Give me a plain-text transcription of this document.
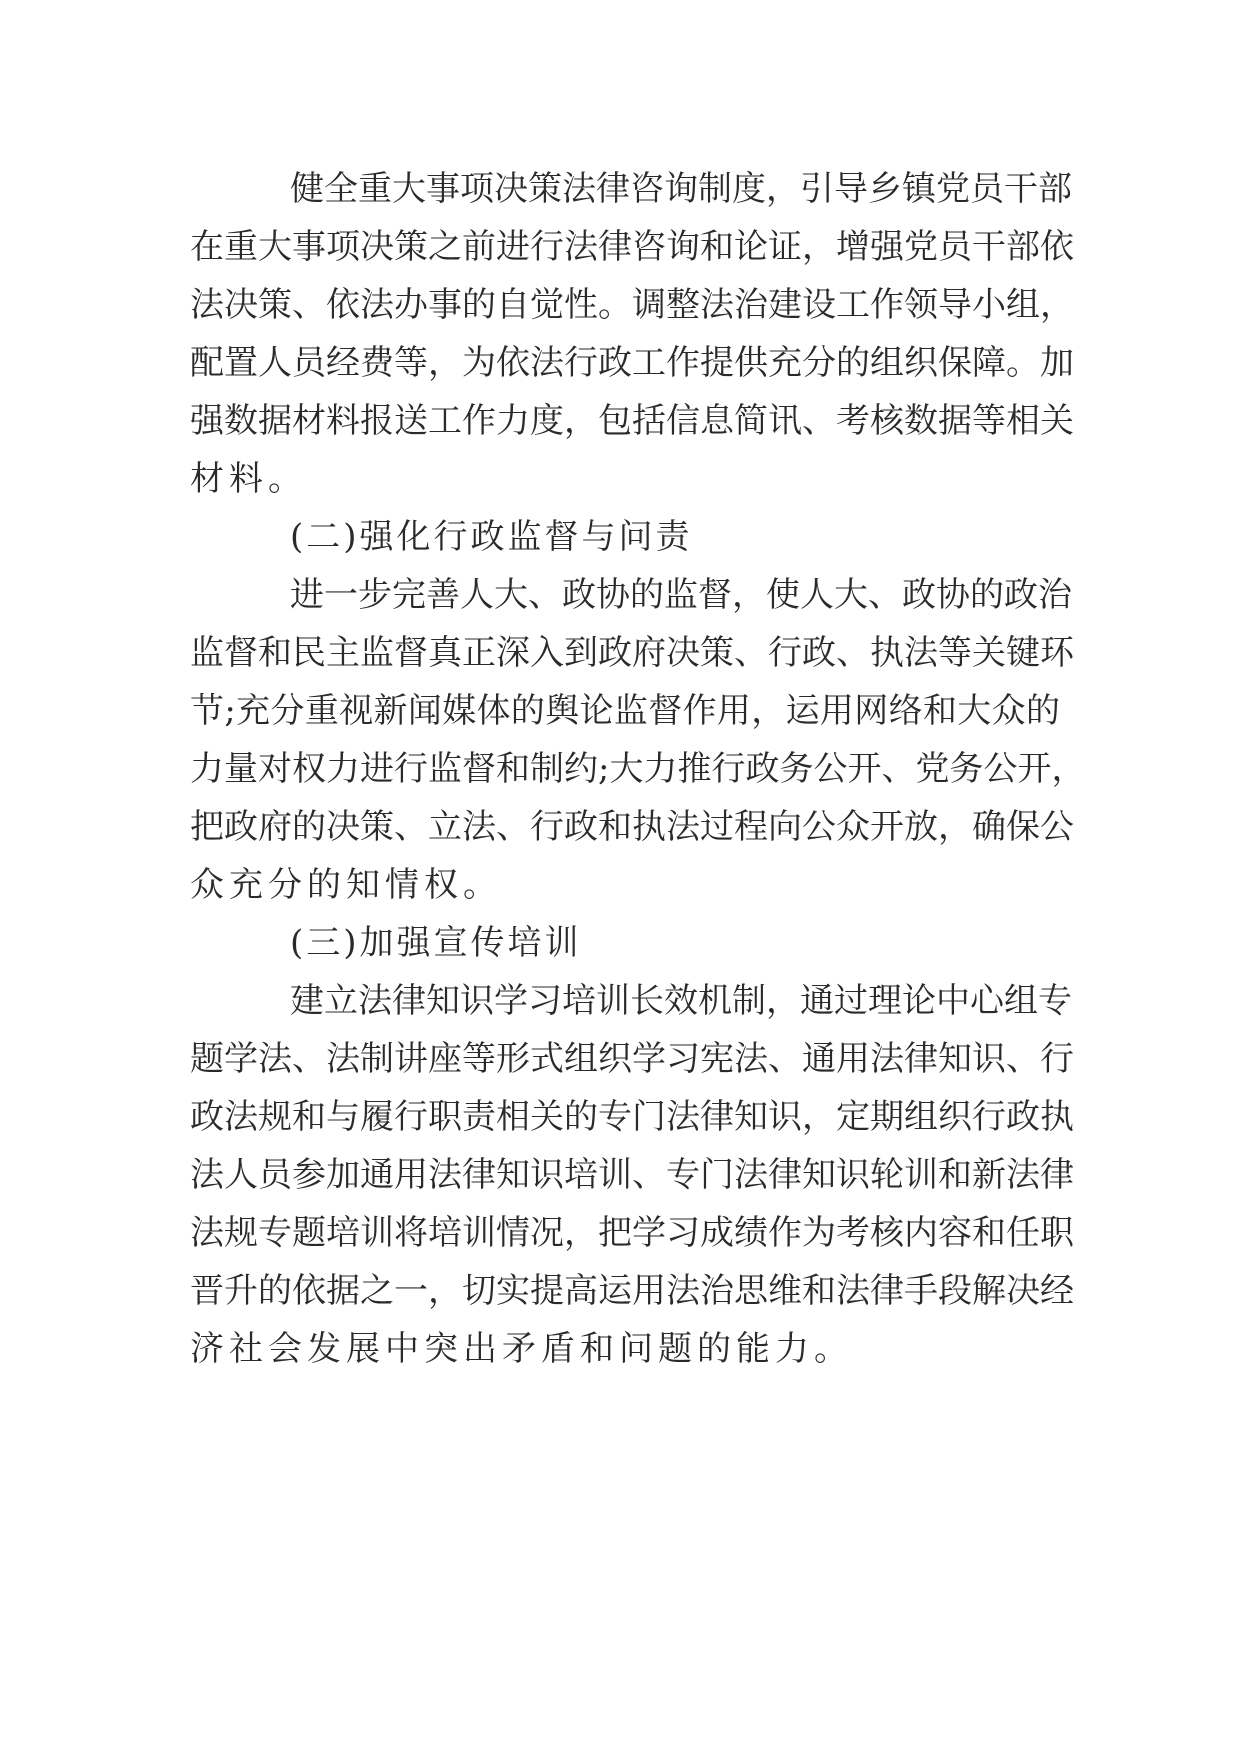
健全重大事项决策法律咨询制度，引导乡镇党员干部
在重大事项决策之前进行法律咨询和论证，增强党员干部依
法决策、依法办事的自觉性。调整法治建设工作领导小组，
配置人员经费等，为依法行政工作提供充分的组织保障。加
强数据材料报送工作力度，包括信息简讯、考核数据等相关
材料。
(二)强化行政监督与问责
进一步完善人大、政协的监督，使人大、政协的政治
监督和民主监督真正深入到政府决策、行政、执法等关键环
节;充分重视新闻媒体的舆论监督作用，运用网络和大众的
力量对权力进行监督和制约;大力推行政务公开、党务公开，
把政府的决策、立法、行政和执法过程向公众开放，确保公
众充分的知情权。
(三)加强宣传培训
建立法律知识学习培训长效机制，通过理论中心组专
题学法、法制讲座等形式组织学习宪法、通用法律知识、行
政法规和与履行职责相关的专门法律知识，定期组织行政执
法人员参加通用法律知识培训、专门法律知识轮训和新法律
法规专题培训将培训情况，把学习成绩作为考核内容和任职
晋升的依据之一，切实提高运用法治思维和法律手段解决经
济社会发展中突出矛盾和问题的能力。
